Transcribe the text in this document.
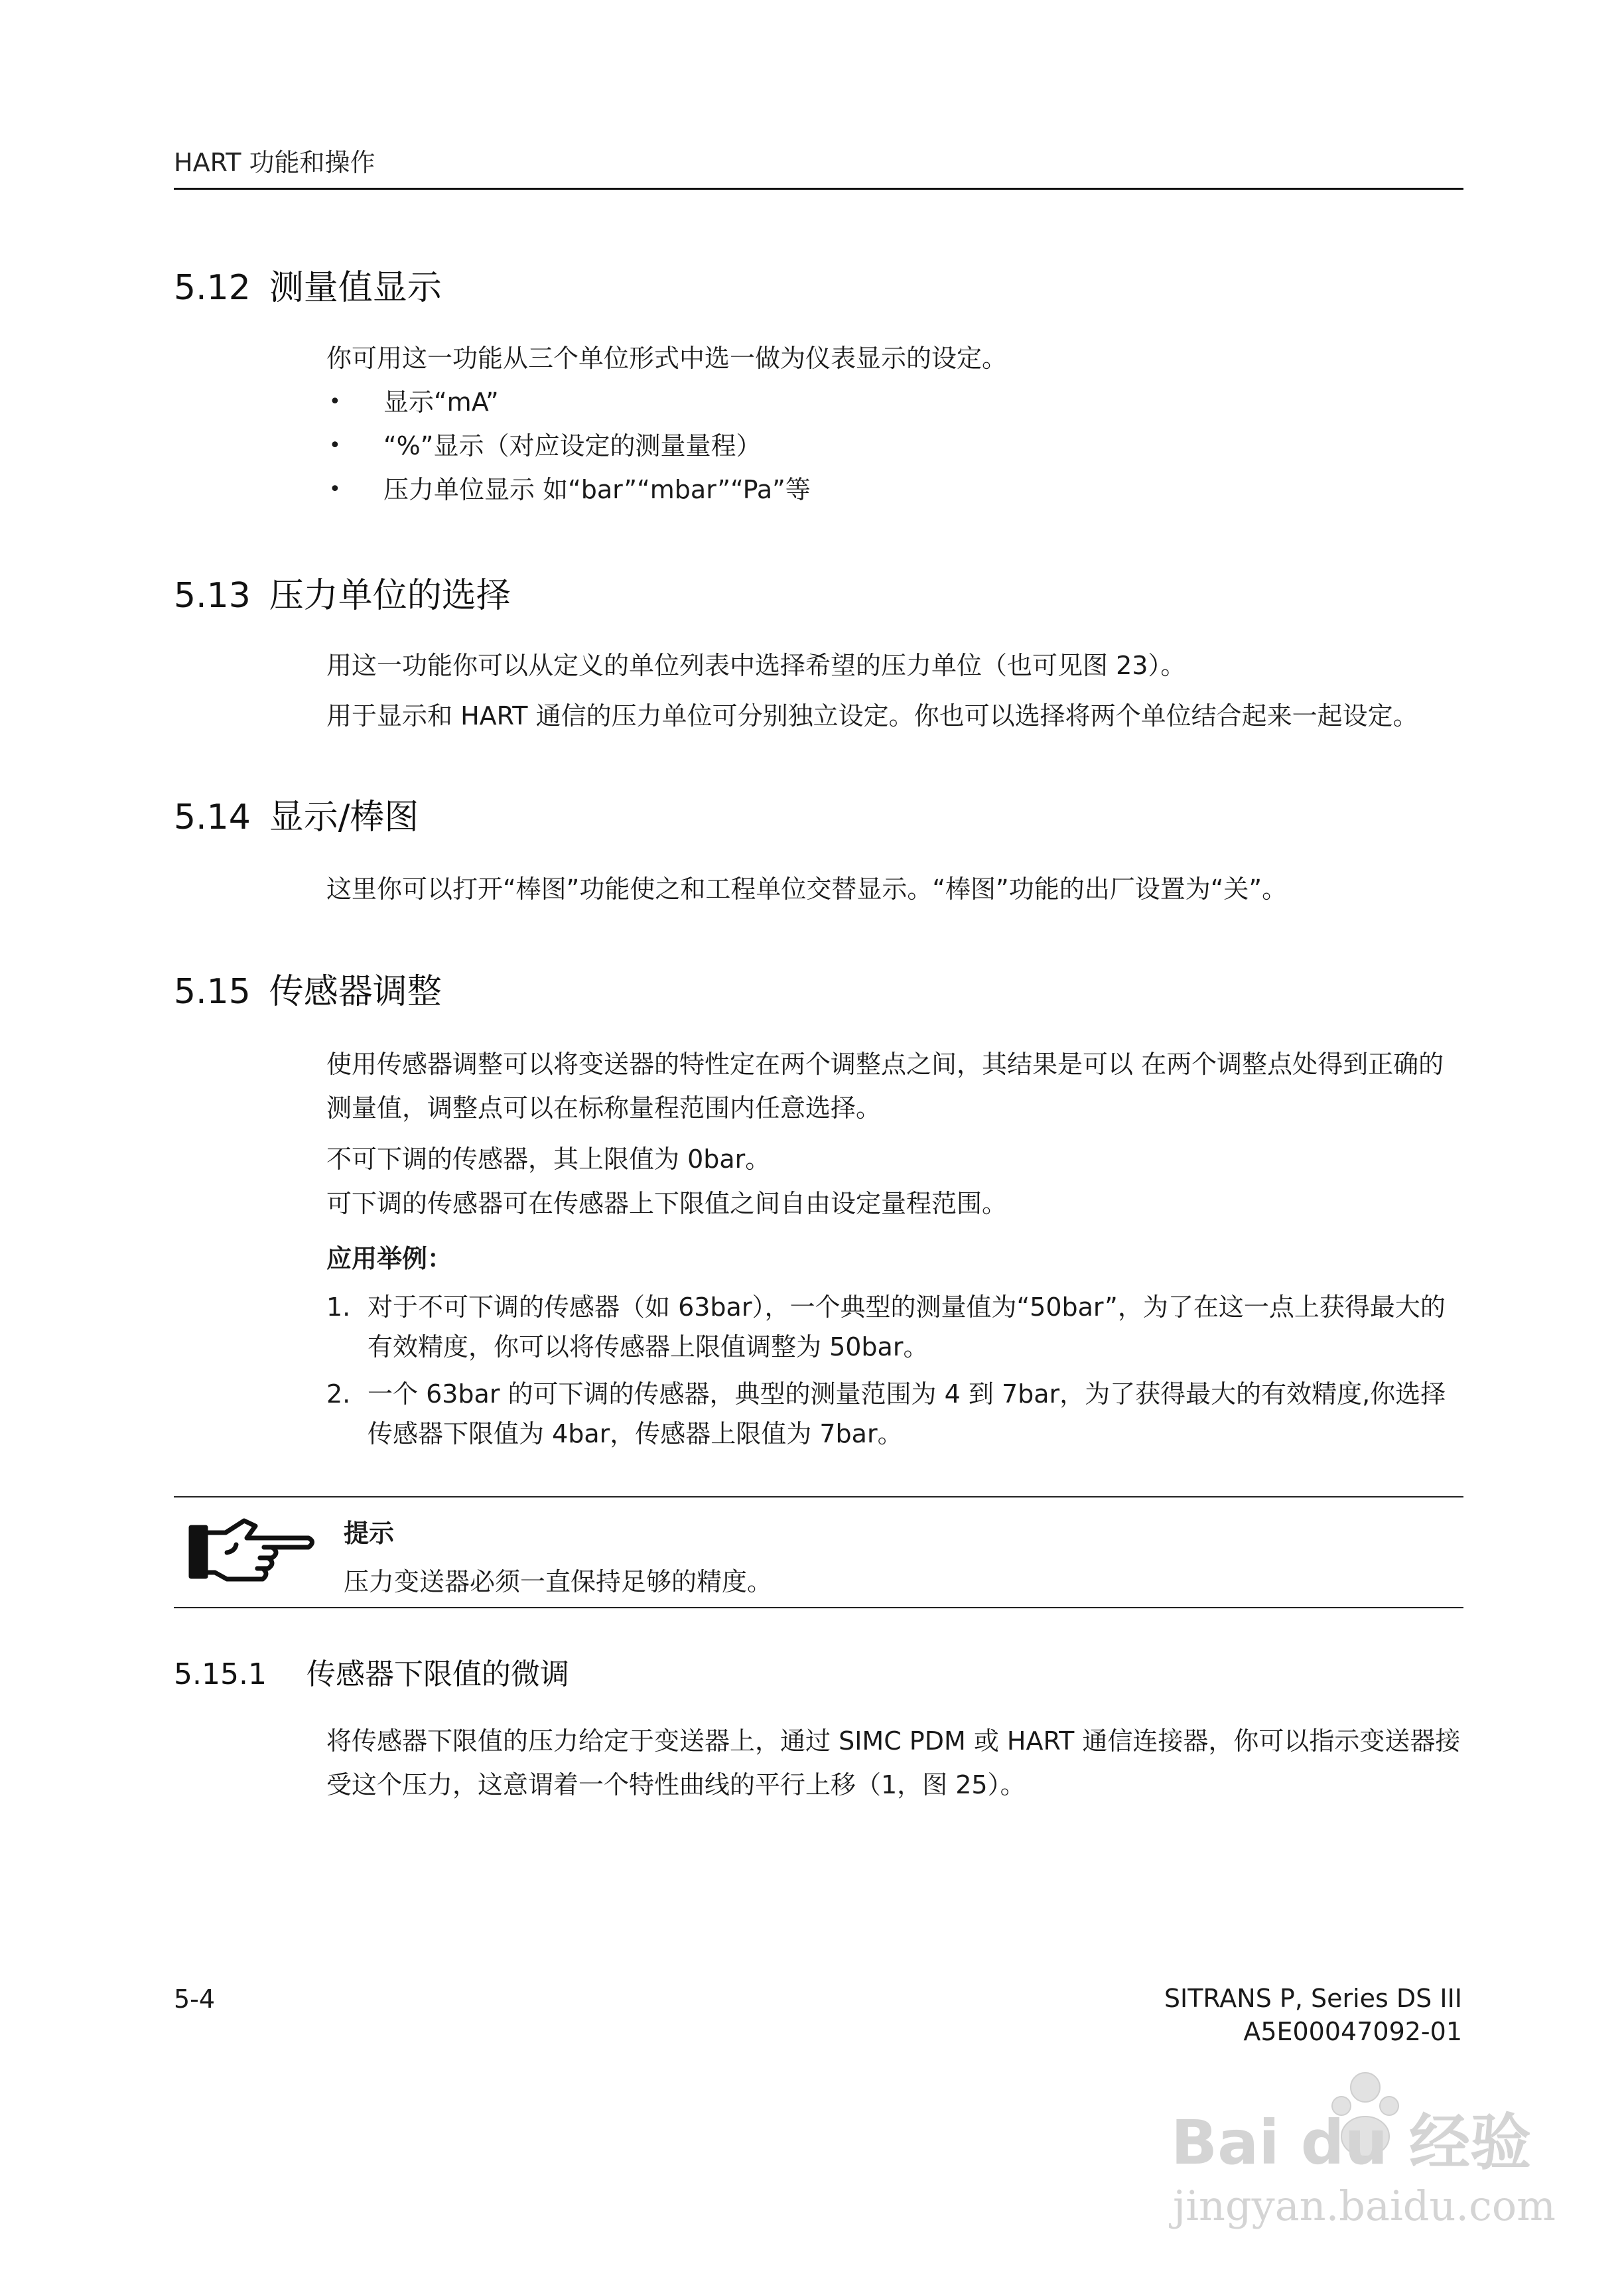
HART 功能和操作
5.12 测量值显示
你可用这一功能从三个单位形式中选一做为仪表显示的设定。
• 显示“mA”
• “%”显示（对应设定的测量量程）
• 压力单位显示 如“bar”“mbar”“Pa”等
5.13 压力单位的选择
用这一功能你可以从定义的单位列表中选择希望的压力单位（也可见图 23）。
用于显示和 HART 通信的压力单位可分别独立设定。你也可以选择将两个单位结合起来一起设定。
5.14 显示/棒图
这里你可以打开“棒图”功能使之和工程单位交替显示。“棒图”功能的出厂设置为“关”。
5.15 传感器调整
使用传感器调整可以将变送器的特性定在两个调整点之间，其结果是可以 在两个调整点处得到正确的测量值，调整点可以在标称量程范围内任意选择。
不可下调的传感器，其上限值为 0bar。
可下调的传感器可在传感器上下限值之间自由设定量程范围。
应用举例：
1. 对于不可下调的传感器（如 63bar），一个典型的测量值为“50bar”，为了在这一点上获得最大的有效精度，你可以将传感器上限值调整为 50bar。
2. 一个 63bar 的可下调的传感器，典型的测量范围为 4 到 7bar，为了获得最大的有效精度,你选择传感器下限值为 4bar，传感器上限值为 7bar。
提示
压力变送器必须一直保持足够的精度。
5.15.1 传感器下限值的微调
将传感器下限值的压力给定于变送器上，通过 SIMC PDM 或 HART 通信连接器，你可以指示变送器接受这个压力，这意谓着一个特性曲线的平行上移（1，图 25）。
5-4	SITRANS P, Series DS III
A5E00047092-01
Bai du 经验
jingyan.baidu.com
